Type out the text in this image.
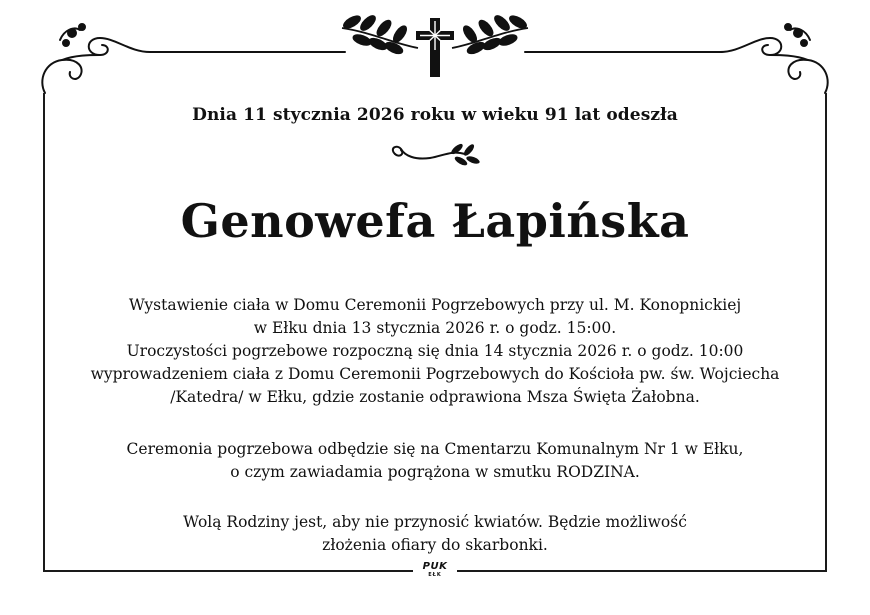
Dnia 11 stycznia 2026 roku w wieku 91 lat odeszła
Genowefa Łapińska
Wystawienie ciała w Domu Ceremonii Pogrzebowych przy ul. M. Konopnickiej
w Ełku dnia 13 stycznia 2026 r. o godz. 15:00.
Uroczystości pogrzebowe rozpoczną się dnia 14 stycznia 2026 r. o godz. 10:00
wyprowadzeniem ciała z Domu Ceremonii Pogrzebowych do Kościoła pw. św. Wojciecha
/Katedra/ w Ełku, gdzie zostanie odprawiona Msza Święta Żałobna.
Ceremonia pogrzebowa odbędzie się na Cmentarzu Komunalnym Nr 1 w Ełku,
o czym zawiadamia pogrążona w smutku RODZINA.
Wolą Rodziny jest, aby nie przynosić kwiatów. Będzie możliwość
złożenia ofiary do skarbonki.
PUK
EŁK
